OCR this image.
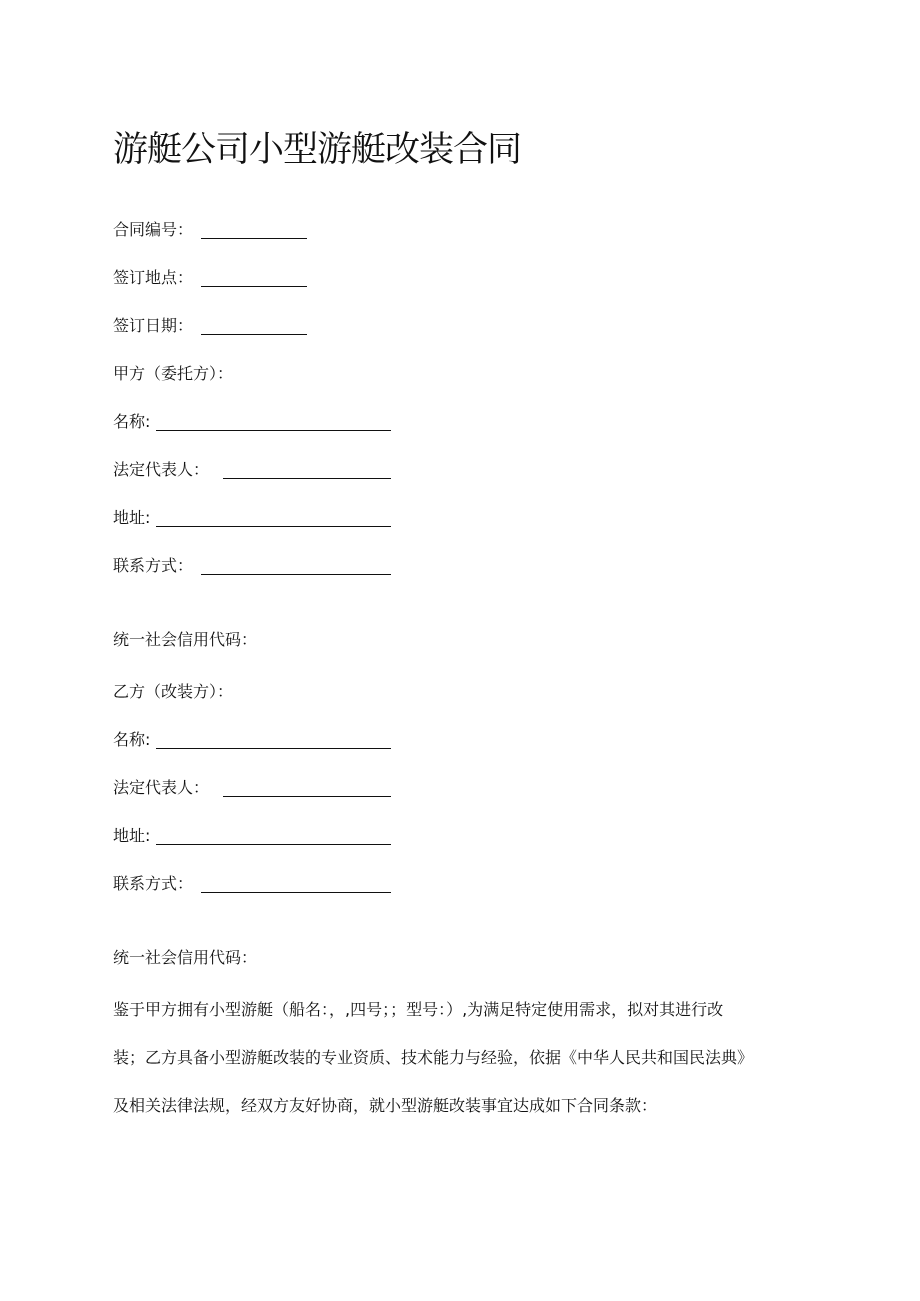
游艇公司小型游艇改装合同
合同编号：
签订地点：
签订日期：
甲方（委托方）：
名称:
法定代表人：
地址:
联系方式：
统一社会信用代码：
乙方（改装方）：
名称:
法定代表人：
地址:
联系方式：
统一社会信用代码：
鉴于甲方拥有小型游艇（船名：，,四号；；型号：）,为满足特定使用需求，拟对其进行改
装；乙方具备小型游艇改装的专业资质、技术能力与经验，依据《中华人民共和国民法典》
及相关法律法规，经双方友好协商，就小型游艇改装事宜达成如下合同条款：
